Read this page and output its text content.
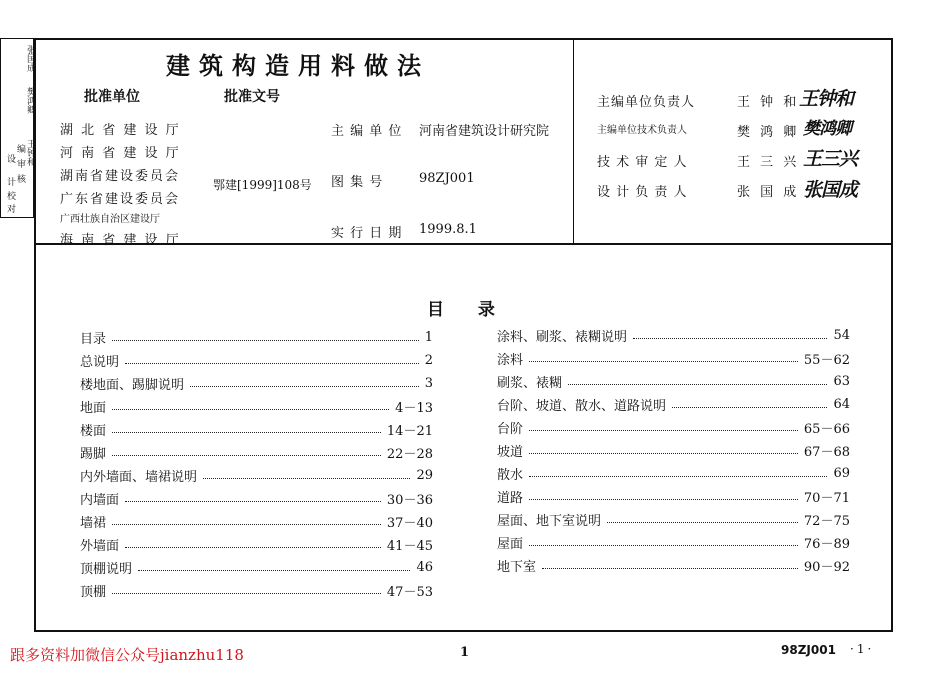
设
计
编
审
核
校
对
张国成
樊鸿卿
王钟和
建筑构造用料做法
批准单位	批准文号
湖 北 省 建 设 厅
河 南 省 建 设 厅
湖南省建设委员会
广东省建设委员会
广西壮族自治区建设厅
海 南 省 建 设 厅
鄂建[1999]108号
主 编 单 位 河南省建筑设计研究院
图 集 号	98ZJ001
实 行 日 期 1999.8.1
主编单位负责人	王 钟 和
主编单位技术负责人	樊 鸿 卿
技 术 审 定 人	王 三 兴
设 计 负 责 人	张 国 成
王钟和
樊鸿卿
王三兴
张国成
目 录
目录	1
总说明	2
楼地面、踢脚说明	3
地面	4－13
楼面	14－21
踢脚	22－28
内外墙面、墙裙说明	29
内墙面	30－36
墙裙	37－40
外墙面	41－45
顶棚说明	46
顶棚	47－53
涂料、刷浆、裱糊说明	54
涂料	55－62
刷浆、裱糊	63
台阶、坡道、散水、道路说明	64
台阶	65－66
坡道	67－68
散水	69
道路	70－71
屋面、地下室说明	72－75
屋面	76－89
地下室	90－92
跟多资料加微信公众号jianzhu118	1	98ZJ001 ·1·
